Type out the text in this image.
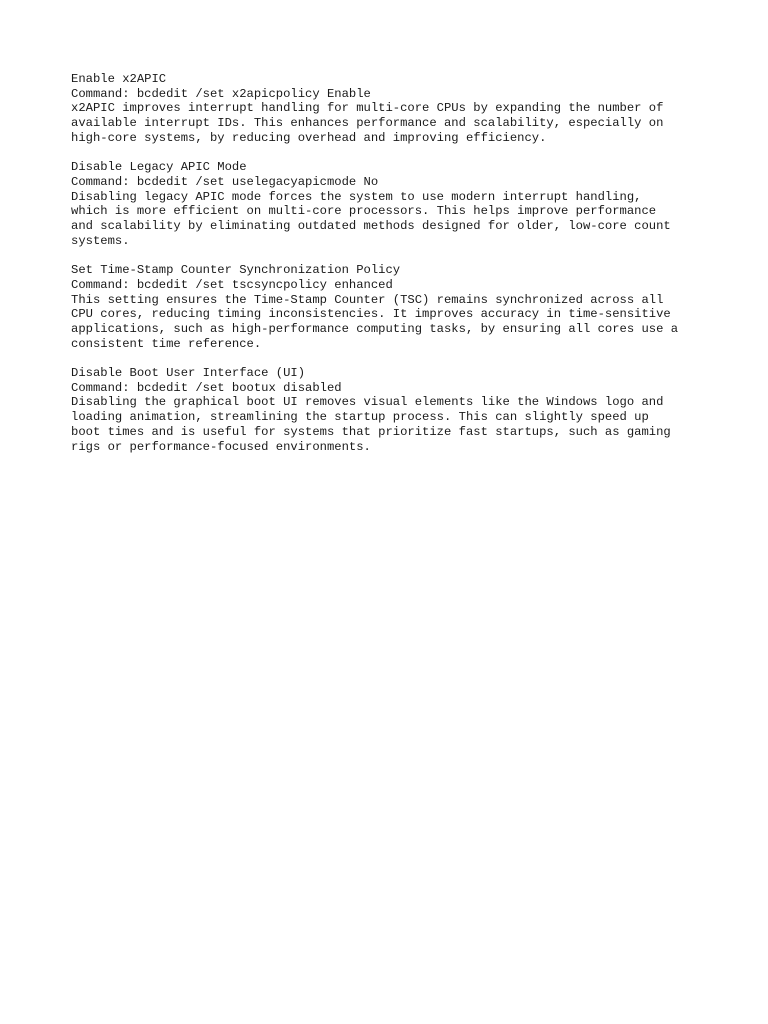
Enable x2APIC
Command: bcdedit /set x2apicpolicy Enable
x2APIC improves interrupt handling for multi-core CPUs by expanding the number of
available interrupt IDs. This enhances performance and scalability, especially on
high-core systems, by reducing overhead and improving efficiency.
Disable Legacy APIC Mode
Command: bcdedit /set uselegacyapicmode No
Disabling legacy APIC mode forces the system to use modern interrupt handling,
which is more efficient on multi-core processors. This helps improve performance
and scalability by eliminating outdated methods designed for older, low-core count
systems.
Set Time-Stamp Counter Synchronization Policy
Command: bcdedit /set tscsyncpolicy enhanced
This setting ensures the Time-Stamp Counter (TSC) remains synchronized across all
CPU cores, reducing timing inconsistencies. It improves accuracy in time-sensitive
applications, such as high-performance computing tasks, by ensuring all cores use a
consistent time reference.
Disable Boot User Interface (UI)
Command: bcdedit /set bootux disabled
Disabling the graphical boot UI removes visual elements like the Windows logo and
loading animation, streamlining the startup process. This can slightly speed up
boot times and is useful for systems that prioritize fast startups, such as gaming
rigs or performance-focused environments.
